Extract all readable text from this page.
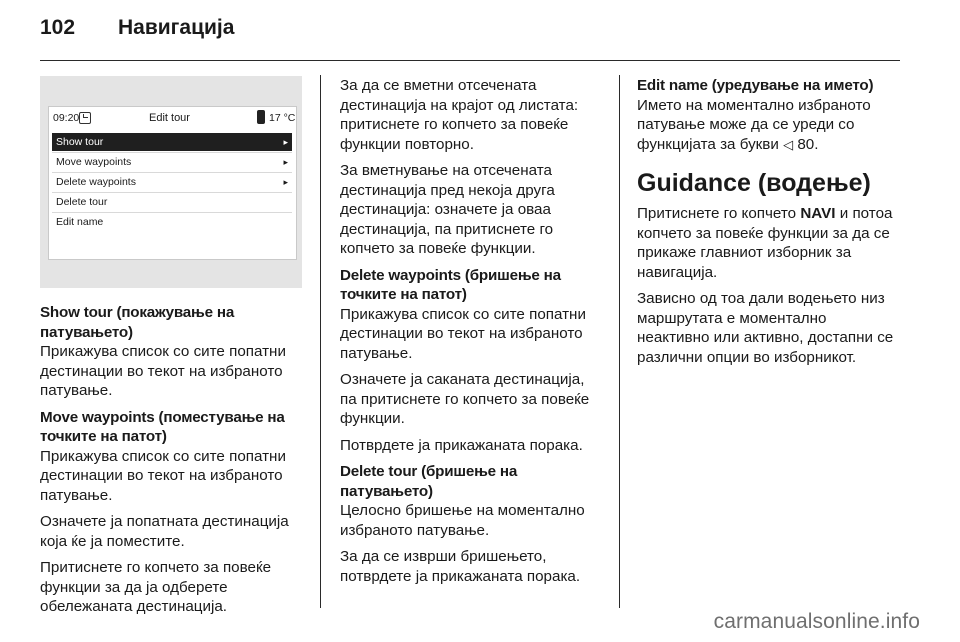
102	Навигација
09:20	Edit tour	17 °C
Show tour	▸
Move waypoints	▸
Delete waypoints	▸
Delete tour
Edit name

Show tour (покажување на патувањето)

Прикажува список со сите попатни дестинации во текот на избраното патување.

Move waypoints (поместување на точките на патот)

Прикажува список со сите попатни дестинации во текот на избраното патување.

Означете ја попатната дестинација која ќе ја поместите.

Притиснете го копчето за повеќе функции за да ја одберете обележаната дестинација.

За да се вметни отсечената дестинација на крајот од листата: притиснете го копчето за повеќе функции повторно.

За вметнување на отсечената дестинација пред некоја друга дестинација: означете ја оваа дестинација, па притиснете го копчето за повеќе функции.

Delete waypoints (бришење на точките на патот)

Прикажува список со сите попатни дестинации во текот на избраното патување.

Означете ја саканата дестинација, па притиснете го копчето за повеќе функции.

Потврдете ја прикажаната порака.

Delete tour (бришење на патувањето)

Целосно бришење на моментално избраното патување.

За да се изврши бришењето, потврдете ја прикажаната порака.

Edit name (уредување на името)

Името на моментално избраното патување може да се уреди со функцијата за букви ◁ 80.

Guidance (водење)

Притиснете го копчето NAVI и потоа копчето за повеќе функции за да се прикаже главниот изборник за навигација.

Зависно од тоа дали водењето низ маршрутата е моментално неактивно или активно, достапни се различни опции во изборникот.

carmanualsonline.info
